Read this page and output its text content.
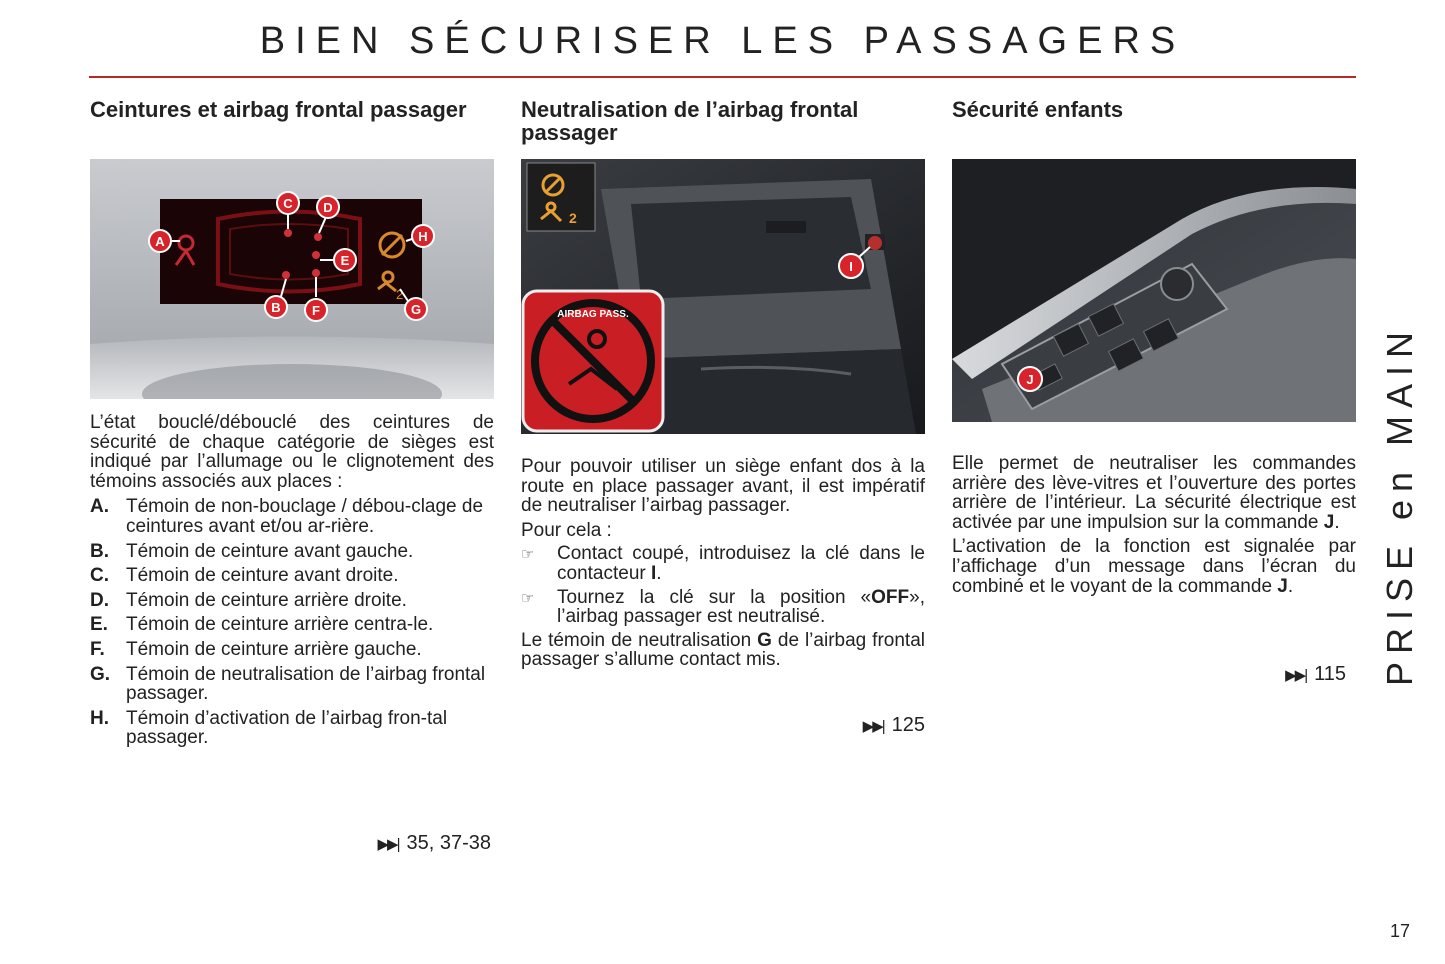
BIEN SÉCURISER LES PASSAGERS
Ceintures et airbag frontal passager
2
A
B
C D
E
F	G
H

L’état bouclé/débouclé des ceintures de sécurité de chaque catégorie de sièges est indiqué par l’allumage ou le clignotement des témoins associés aux places :

A. Témoin de non-bouclage / débou-clage de ceintures avant et/ou ar-rière.
B. Témoin de ceinture avant gauche.
C. Témoin de ceinture avant droite.
D. Témoin de ceinture arrière droite.
E. Témoin de ceinture arrière centra-le.
F.	Témoin de ceinture arrière gauche.
G. Témoin de neutralisation de l’airbag frontal passager.
H. Témoin d’activation de l’airbag fron-tal passager.
▶▶| 35, 37-38
Neutralisation de l’airbag frontal passager
2
AIRBAG PASS.
I

Pour pouvoir utiliser un siège enfant dos à la route en place passager avant, il est impératif de neutraliser l’airbag passager.

Pour cela :

☞	Contact coupé, introduisez la clé dans le contacteur I.
☞	Tournez la clé sur la position «OFF», l’airbag passager est neutralisé.

Le témoin de neutralisation G de l’airbag frontal passager s’allume contact mis.

▶▶| 125
Sécurité enfants
J

Elle permet de neutraliser les commandes arrière des lève-vitres et l’ouverture des portes arrière de l’intérieur. La sécurité électrique est activée par une impulsion sur la commande J.

L’activation de la fonction est signalée par l’affichage d’un message dans l’écran du combiné et le voyant de la commande J.

▶▶| 115 PRISE en MAIN
17
